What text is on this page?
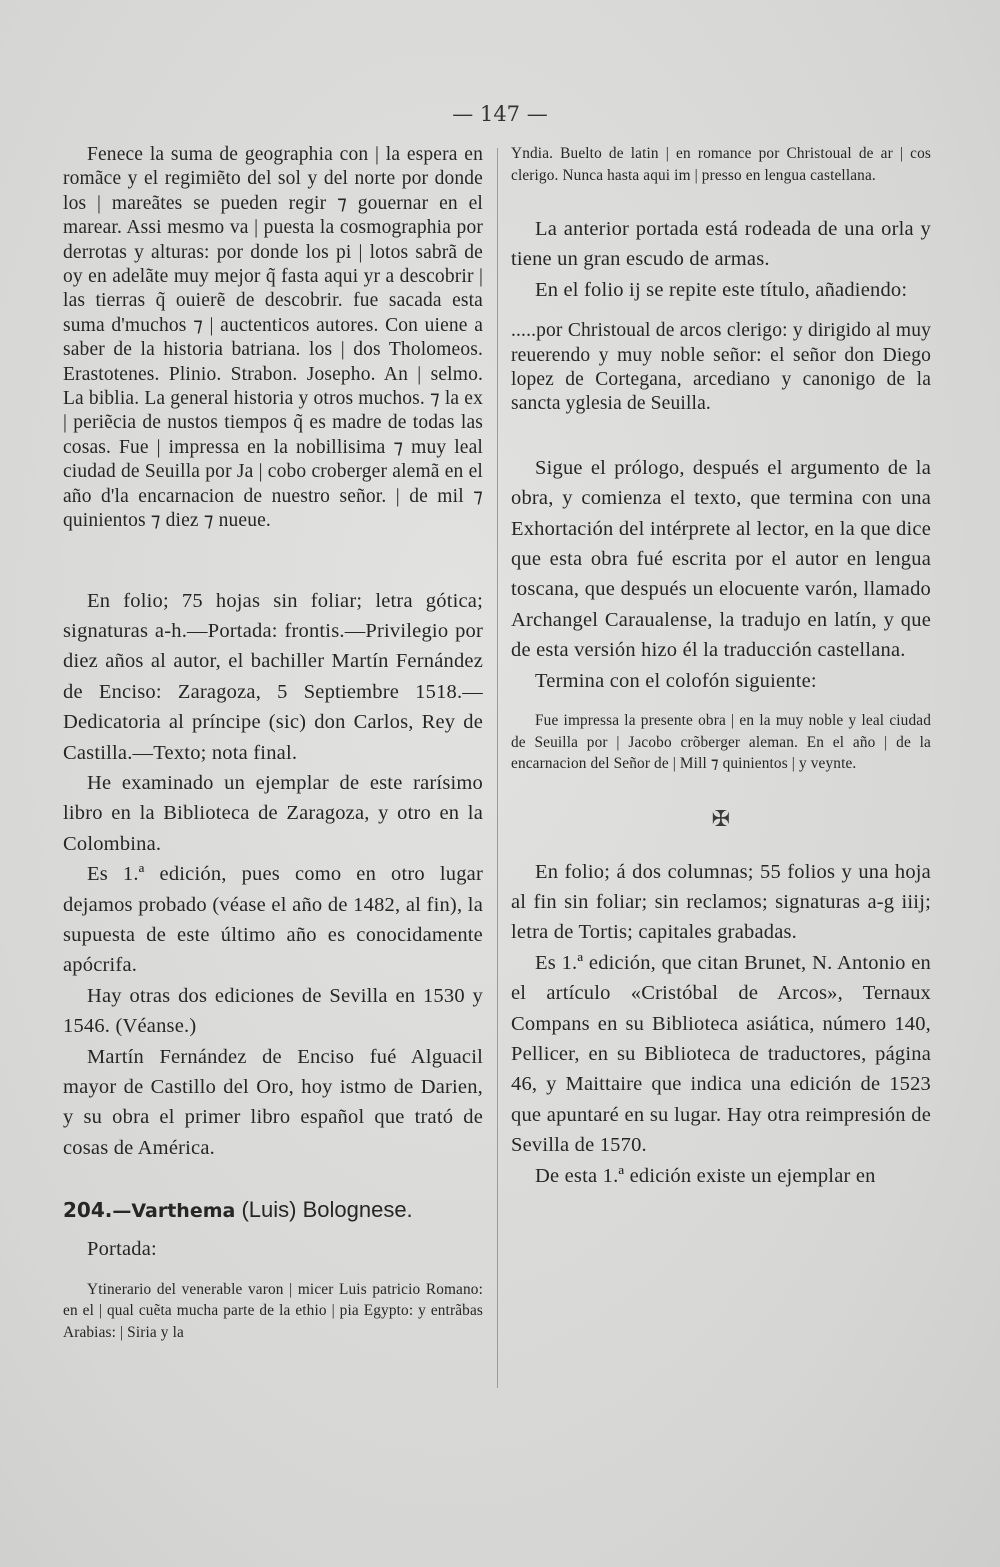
— 147 —

Fenece la suma de geographia con | la espera en romãce y el regimiẽto del sol y del norte por donde los | mareãtes se pueden regir ⁊ gouernar en el marear. Assi mesmo va | puesta la cosmographia por derrotas y alturas: por donde los pi | lotos sabrã de oy en adelãte muy mejor q̃ fasta aqui yr a descobrir | las tierras q̃ ouierẽ de descobrir. fue sacada esta suma d'muchos ⁊ | auctenticos autores. Con uiene a saber de la historia batriana. los | dos Tholomeos. Erastotenes. Plinio. Strabon. Josepho. An | selmo. La biblia. La general historia y otros muchos. ⁊ la ex | periẽcia de nustos tiempos q̃ es madre de todas las cosas. Fue | impressa en la nobillisima ⁊ muy leal ciudad de Seuilla por Ja | cobo croberger alemã en el año d'la encarnacion de nuestro señor. | de mil ⁊ quinientos ⁊ diez ⁊ nueue.

En folio; 75 hojas sin foliar; letra gótica; signaturas a-h.—Portada: frontis.—Privilegio por diez años al autor, el bachiller Martín Fernández de Enciso: Zaragoza, 5 Septiembre 1518.—Dedicatoria al príncipe (sic) don Carlos, Rey de Castilla.—Texto; nota final.

He examinado un ejemplar de este rarísimo libro en la Biblioteca de Zaragoza, y otro en la Colombina.

Es 1.ª edición, pues como en otro lugar dejamos probado (véase el año de 1482, al fin), la supuesta de este último año es conocidamente apócrifa.

Hay otras dos ediciones de Sevilla en 1530 y 1546. (Véanse.)

Martín Fernández de Enciso fué Alguacil mayor de Castillo del Oro, hoy istmo de Darien, y su obra el primer libro español que trató de cosas de América.

204.—Varthema (Luis) Bolognese.

Portada:

Ytinerario del venerable varon | micer Luis patricio Romano: en el | qual cuẽta mucha parte de la ethio | pia Egypto: y entrãbas Arabias: | Siria y la

Yndia. Buelto de latin | en romance por Christoual de ar | cos clerigo. Nunca hasta aqui im | presso en lengua castellana.

La anterior portada está rodeada de una orla y tiene un gran escudo de armas.

En el folio ij se repite este título, añadiendo:

.....por Christoual de arcos clerigo: y dirigido al muy reuerendo y muy noble señor: el señor don Diego lopez de Cortegana, arcediano y canonigo de la sancta yglesia de Seuilla.

Sigue el prólogo, después el argumento de la obra, y comienza el texto, que termina con una Exhortación del intérprete al lector, en la que dice que esta obra fué escrita por el autor en lengua toscana, que después un elocuente varón, llamado Archangel Caraualense, la tradujo en latín, y que de esta versión hizo él la traducción castellana.

Termina con el colofón siguiente:

Fue impressa la presente obra | en la muy noble y leal ciudad de Seuilla por | Jacobo crõberger aleman. En el año | de la encarnacion del Señor de | Mill ⁊ quinientos | y veynte.

✠

En folio; á dos columnas; 55 folios y una hoja al fin sin foliar; sin reclamos; signaturas a-g iiij; letra de Tortis; capitales grabadas.

Es 1.ª edición, que citan Brunet, N. Antonio en el artículo «Cristóbal de Arcos», Ternaux Compans en su Biblioteca asiática, número 140, Pellicer, en su Biblioteca de traductores, página 46, y Maittaire que indica una edición de 1523 que apuntaré en su lugar. Hay otra reimpresión de Sevilla de 1570.

De esta 1.ª edición existe un ejemplar en
